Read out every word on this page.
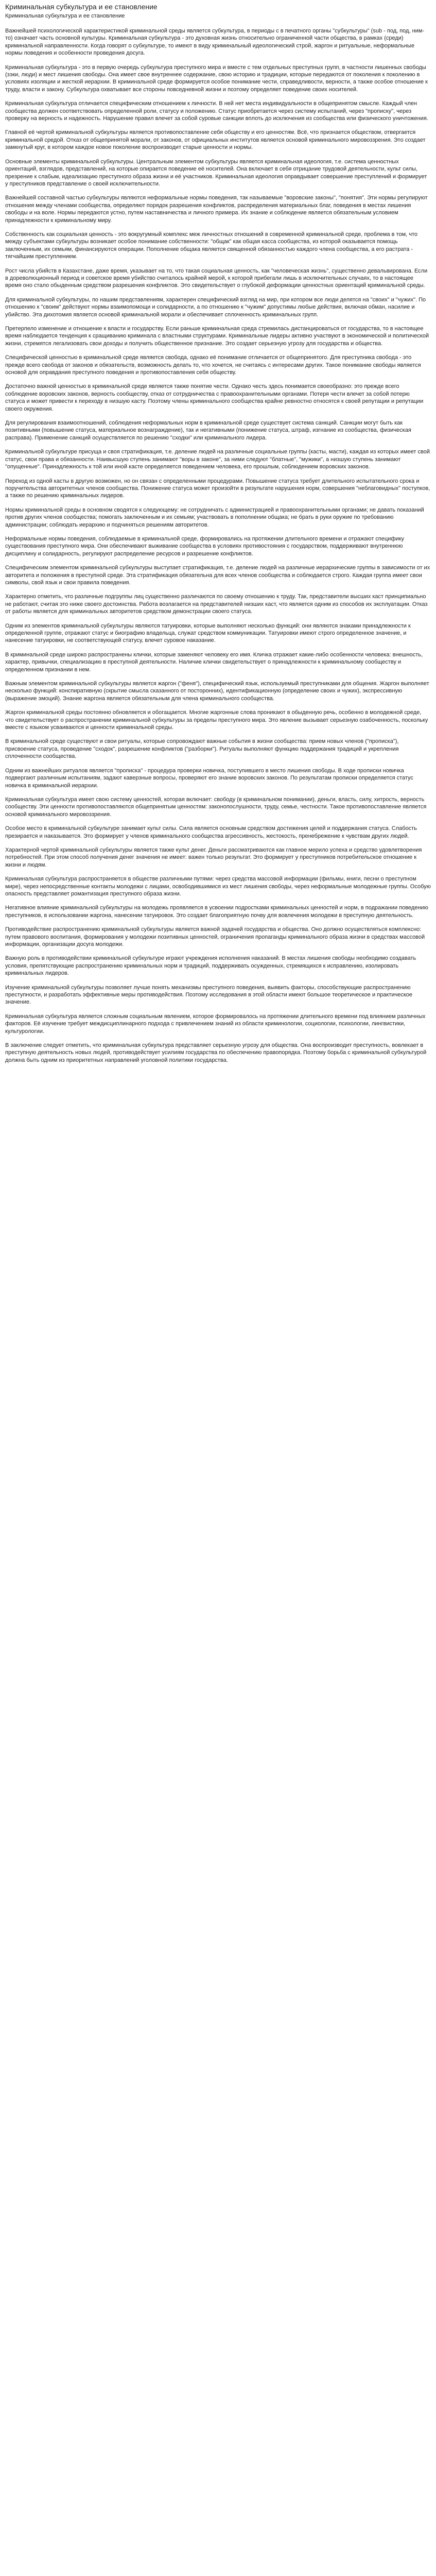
Криминальная субкультура и ее становление
Криминальная субкультура и ее становление

Важнейшей психологической характеристикой криминальной среды является субкультура, в периоды с в печатного органы "субкультуры" (sub - под, под, ним-то) означает часть основной культуры. Криминальная субкультура - это духовная жизнь относительно ограниченной части общества, в рамках (среди) криминальной направленности. Когда говорят о субкультуре, то имеют в виду криминальный идеологический строй, жаргон и ритуальные, неформальные нормы поведения и особенности проведения досуга.

Криминальная субкультура - это в первую очередь субкультура преступного мира и вместе с тем отдельных преступных групп, в частности лишенных свободы (зэки, люди) и мест лишения свободы. Она имеет свое внутреннее содержание, свою историю и традиции, которые передаются от поколения к поколению в условиях изоляции и жесткой иерархии. В криминальной среде формируется особое понимание чести, справедливости, верности, а также особое отношение к труду, власти и закону. Субкультура охватывает все стороны повседневной жизни и поэтому определяет поведение своих носителей.

Криминальная субкультура отличается специфическим отношением к личности. В ней нет места индивидуальности в общепринятом смысле. Каждый член сообщества должен соответствовать определенной роли, статусу и положению. Статус приобретается через систему испытаний, через "прописку", через проверку на верность и надежность. Нарушение правил влечет за собой суровые санкции вплоть до исключения из сообщества или физического уничтожения.

Главной её чертой криминальной субкультуры является противопоставление себя обществу и его ценностям. Всё, что признается обществом, отвергается криминальной средой. Отказ от общепринятой морали, от законов, от официальных институтов является основой криминального мировоззрения. Это создает замкнутый круг, в котором каждое новое поколение воспроизводит старые ценности и нормы.

Основные элементы криминальной субкультуры. Центральным элементом субкультуры является криминальная идеология, т.е. система ценностных ориентаций, взглядов, представлений, на которые опирается поведение её носителей. Она включает в себя отрицание трудовой деятельности, культ силы, презрение к слабым, идеализацию преступного образа жизни и её участников. Криминальная идеология оправдывает совершение преступлений и формирует у преступников представление о своей исключительности.

Важнейшей составной частью субкультуры являются неформальные нормы поведения, так называемые "воровские законы", "понятия". Эти нормы регулируют отношения между членами сообщества, определяют порядок разрешения конфликтов, распределения материальных благ, поведения в местах лишения свободы и на воле. Нормы передаются устно, путем наставничества и личного примера. Их знание и соблюдение является обязательным условием принадлежности к криминальному миру.

Собственность как социальная ценность - это вокругумный комплекс меж личностных отношений в современной криминальной среде, проблема в том, что между субъектами субкультуры возникает особое понимание собственности: "общак" как общая касса сообщества, из которой оказывается помощь заключенным, их семьям, финансируются операции. Пополнение общака является священной обязанностью каждого члена сообщества, а его растрата - тягчайшим преступлением.

Рост числа убийств в Казахстане, даже время, указывает на то, что такая социальная ценность, как "человеческая жизнь", существенно девальвирована. Если в дореволюционный период и советское время убийство считалось крайней мерой, к которой прибегали лишь в исключительных случаях, то в настоящее время оно стало обыденным средством разрешения конфликтов. Это свидетельствует о глубокой деформации ценностных ориентаций криминальной среды.

Для криминальной субкультуры, по нашим представлениям, характерен специфический взгляд на мир, при котором все люди делятся на "своих" и "чужих". По отношению к "своим" действуют нормы взаимопомощи и солидарности, а по отношению к "чужим" допустимы любые действия, включая обман, насилие и убийство. Эта дихотомия является основой криминальной морали и обеспечивает сплоченность криминальных групп.

Претерпело изменение и отношение к власти и государству. Если раньше криминальная среда стремилась дистанцироваться от государства, то в настоящее время наблюдается тенденция к сращиванию криминала с властными структурами. Криминальные лидеры активно участвуют в экономической и политической жизни, стремятся легализовать свои доходы и получить общественное признание. Это создает серьезную угрозу для государства и общества.

Специфической ценностью в криминальной среде является свобода, однако её понимание отличается от общепринятого. Для преступника свобода - это прежде всего свобода от законов и обязательств, возможность делать то, что хочется, не считаясь с интересами других. Такое понимание свободы является основой для оправдания преступного поведения и противопоставления себя обществу.

Достаточно важной ценностью в криминальной среде является также понятие чести. Однако честь здесь понимается своеобразно: это прежде всего соблюдение воровских законов, верность сообществу, отказ от сотрудничества с правоохранительными органами. Потеря чести влечет за собой потерю статуса и может привести к переходу в низшую касту. Поэтому члены криминального сообщества крайне ревностно относятся к своей репутации и репутации своего окружения.

Для регулирования взаимоотношений, соблюдения неформальных норм в криминальной среде существует система санкций. Санкции могут быть как позитивными (повышение статуса, материальное вознаграждение), так и негативными (понижение статуса, штраф, изгнание из сообщества, физическая расправа). Применение санкций осуществляется по решению "сходки" или криминального лидера.

Криминальной субкультуре присуща и своя стратификация, т.е. деление людей на различные социальные группы (касты, масти), каждая из которых имеет свой статус, свои права и обязанности. Наивысшую ступень занимают "воры в законе", за ними следуют "блатные", "мужики", а низшую ступень занимают "опущенные". Принадлежность к той или иной касте определяется поведением человека, его прошлым, соблюдением воровских законов.

Переход из одной касты в другую возможен, но он связан с определенными процедурами. Повышение статуса требует длительного испытательного срока и поручительства авторитетных членов сообщества. Понижение статуса может произойти в результате нарушения норм, совершения "неблаговидных" поступков, а также по решению криминальных лидеров.

Нормы криминальной среды в основном сводятся к следующему: не сотрудничать с администрацией и правоохранительными органами; не давать показаний против других членов сообщества; помогать заключенным и их семьям; участвовать в пополнении общака; не брать в руки оружие по требованию администрации; соблюдать иерархию и подчиняться решениям авторитетов.

Неформальные нормы поведения, соблюдаемые в криминальной среде, формировались на протяжении длительного времени и отражают специфику существования преступного мира. Они обеспечивают выживание сообщества в условиях противостояния с государством, поддерживают внутреннюю дисциплину и солидарность, регулируют распределение ресурсов и разрешение конфликтов.

Специфическим элементом криминальной субкультуры выступает стратификация, т.е. деление людей на различные иерархические группы в зависимости от их авторитета и положения в преступной среде. Эта стратификация обязательна для всех членов сообщества и соблюдается строго. Каждая группа имеет свои символы, свой язык и свои правила поведения.

Характерно отметить, что различные подгруппы лиц существенно различаются по своему отношению к труду. Так, представители высших каст принципиально не работают, считая это ниже своего достоинства. Работа возлагается на представителей низших каст, что является одним из способов их эксплуатации. Отказ от работы является для криминальных авторитетов средством демонстрации своего статуса.

Одним из элементов криминальной субкультуры являются татуировки, которые выполняют несколько функций: они являются знаками принадлежности к определенной группе, отражают статус и биографию владельца, служат средством коммуникации. Татуировки имеют строго определенное значение, и нанесение татуировки, не соответствующей статусу, влечет суровое наказание.

В криминальной среде широко распространены клички, которые заменяют человеку его имя. Кличка отражает какие-либо особенности человека: внешность, характер, привычки, специализацию в преступной деятельности. Наличие клички свидетельствует о принадлежности к криминальному сообществу и определенном признании в нем.

Важным элементом криминальной субкультуры является жаргон ("феня"), специфический язык, используемый преступниками для общения. Жаргон выполняет несколько функций: конспиративную (скрытие смысла сказанного от посторонних), идентификационную (определение своих и чужих), экспрессивную (выражение эмоций). Знание жаргона является обязательным для члена криминального сообщества.

Жаргон криминальной среды постоянно обновляется и обогащается. Многие жаргонные слова проникают в обыденную речь, особенно в молодежной среде, что свидетельствует о распространении криминальной субкультуры за пределы преступного мира. Это явление вызывает серьезную озабоченность, поскольку вместе с языком усваиваются и ценности криминальной среды.

В криминальной среде существуют и свои ритуалы, которые сопровождают важные события в жизни сообщества: прием новых членов ("прописка"), присвоение статуса, проведение "сходок", разрешение конфликтов ("разборки"). Ритуалы выполняют функцию поддержания традиций и укрепления сплоченности сообщества.

Одним из важнейших ритуалов является "прописка" - процедура проверки новичка, поступившего в место лишения свободы. В ходе прописки новичка подвергают различным испытаниям, задают каверзные вопросы, проверяют его знание воровских законов. По результатам прописки определяется статус новичка в криминальной иерархии.

Криминальная субкультура имеет свою систему ценностей, которая включает: свободу (в криминальном понимании), деньги, власть, силу, хитрость, верность сообществу. Эти ценности противопоставляются общепринятым ценностям: законопослушности, труду, семье, честности. Такое противопоставление является основой криминального мировоззрения.

Особое место в криминальной субкультуре занимает культ силы. Сила является основным средством достижения целей и поддержания статуса. Слабость презирается и наказывается. Это формирует у членов криминального сообщества агрессивность, жестокость, пренебрежение к чувствам других людей.

Характерной чертой криминальной субкультуры является также культ денег. Деньги рассматриваются как главное мерило успеха и средство удовлетворения потребностей. При этом способ получения денег значения не имеет: важен только результат. Это формирует у преступников потребительское отношение к жизни и людям.

Криминальная субкультура распространяется в обществе различными путями: через средства массовой информации (фильмы, книги, песни о преступном мире), через непосредственные контакты молодежи с лицами, освободившимися из мест лишения свободы, через неформальные молодежные группы. Особую опасность представляет романтизация преступного образа жизни.

Негативное влияние криминальной субкультуры на молодежь проявляется в усвоении подростками криминальных ценностей и норм, в подражании поведению преступников, в использовании жаргона, нанесении татуировок. Это создает благоприятную почву для вовлечения молодежи в преступную деятельность.

Противодействие распространению криминальной субкультуры является важной задачей государства и общества. Оно должно осуществляться комплексно: путем правового воспитания, формирования у молодежи позитивных ценностей, ограничения пропаганды криминального образа жизни в средствах массовой информации, организации досуга молодежи.

Важную роль в противодействии криминальной субкультуре играют учреждения исполнения наказаний. В местах лишения свободы необходимо создавать условия, препятствующие распространению криминальных норм и традиций, поддерживать осужденных, стремящихся к исправлению, изолировать криминальных лидеров.

Изучение криминальной субкультуры позволяет лучше понять механизмы преступного поведения, выявить факторы, способствующие распространению преступности, и разработать эффективные меры противодействия. Поэтому исследования в этой области имеют большое теоретическое и практическое значение.

Криминальная субкультура является сложным социальным явлением, которое формировалось на протяжении длительного времени под влиянием различных факторов. Её изучение требует междисциплинарного подхода с привлечением знаний из области криминологии, социологии, психологии, лингвистики, культурологии.

В заключение следует отметить, что криминальная субкультура представляет серьезную угрозу для общества. Она воспроизводит преступность, вовлекает в преступную деятельность новых людей, противодействует усилиям государства по обеспечению правопорядка. Поэтому борьба с криминальной субкультурой должна быть одним из приоритетных направлений уголовной политики государства.
